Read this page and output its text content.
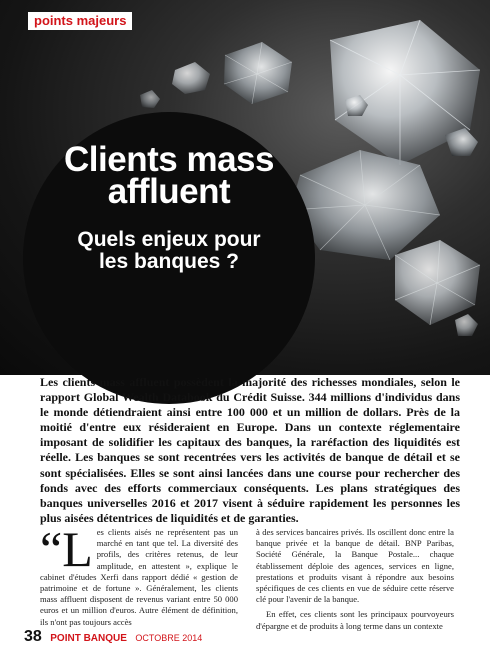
points majeurs
Clients mass
affluent
Quels enjeux pour
les banques ?
Les clients mass affluent possèdent la majorité des richesses mondiales, selon le rapport Global Wealth Databook du Crédit Suisse. 344 millions d'individus dans le monde détiendraient ainsi entre 100 000 et un million de dollars. Près de la moitié d'entre eux résideraient en Europe. Dans un contexte réglementaire imposant de solidifier les capitaux des banques, la raréfaction des liquidités est réelle. Les banques se sont recentrées vers les activités de banque de détail et se sont spécialisées. Elles se sont ainsi lancées dans une course pour rechercher des fonds avec des efforts commerciaux conséquents. Les plans stratégiques des banques universelles 2016 et 2017 visent à séduire rapidement les personnes les plus aisées détentrices de liquidités et de garanties.
“L es clients aisés ne représentent pas un marché en tant que tel. La diversité des profils, des critères retenus, de leur amplitude, en attestent », explique le cabinet d'études Xerfi dans rapport dédié « gestion de patrimoine et de fortune ». Généralement, les clients mass affluent disposent de revenus variant entre 50 000 euros et un million d'euros. Autre élément de définition, ils n'ont pas toujours accès

à des services bancaires privés. Ils oscillent donc entre la banque privée et la banque de détail. BNP Paribas, Société Générale, la Banque Postale... chaque établissement déploie des agences, services en ligne, prestations et produits visant à répondre aux besoins spécifiques de ces clients en vue de séduire cette réserve clé pour l'avenir de la banque.

En effet, ces clients sont les principaux pourvoyeurs d'épargne et de produits à long terme dans un contexte

38 POINT BANQUE OCTOBRE 2014
